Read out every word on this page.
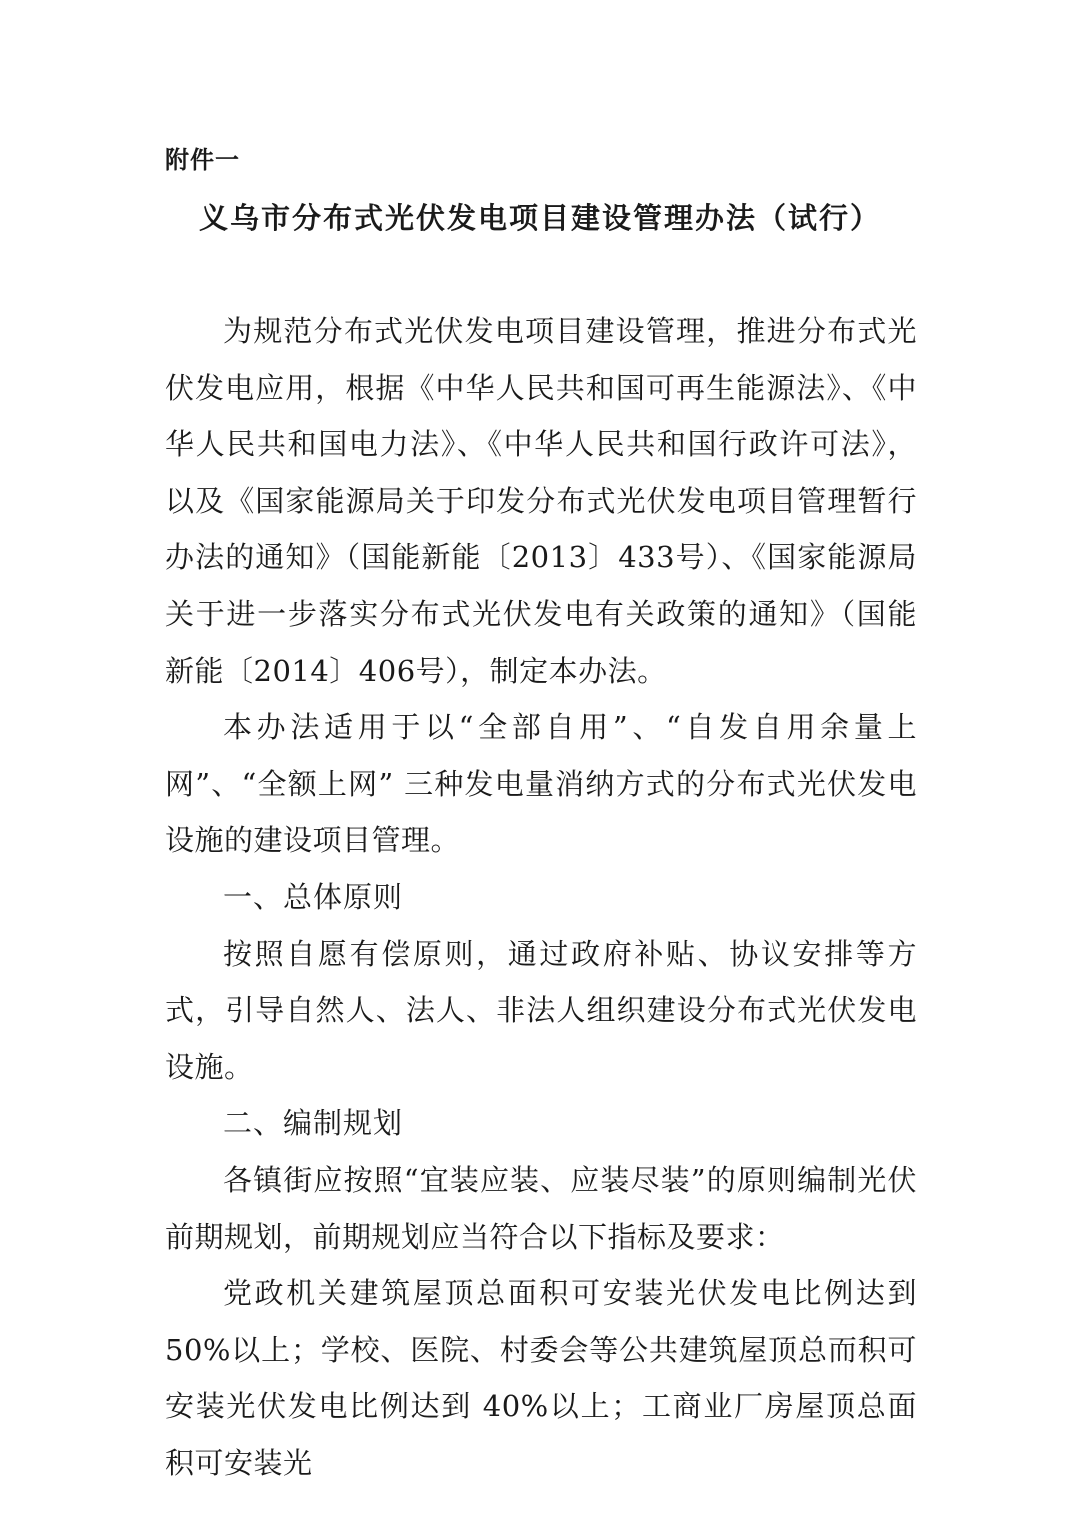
附件一
义乌市分布式光伏发电项目建设管理办法（试行）

为规范分布式光伏发电项目建设管理，推进分布式光伏发电应用，根据《中华人民共和国可再生能源法》、《中华人民共和国电力法》、《中华人民共和国行政许可法》，以及《国家能源局关于印发分布式光伏发电项目管理暂行办法的通知》（国能新能〔2013〕433号）、《国家能源局关于进一步落实分布式光伏发电有关政策的通知》（国能新能〔2014〕406号），制定本办法。

本办法适用于以“全部自用”、“自发自用余量上网”、“全额上网” 三种发电量消纳方式的分布式光伏发电设施的建设项目管理。

一、总体原则

按照自愿有偿原则，通过政府补贴、协议安排等方式，引导自然人、法人、非法人组织建设分布式光伏发电设施。

二、编制规划

各镇街应按照“宜装应装、应装尽装”的原则编制光伏前期规划，前期规划应当符合以下指标及要求：

党政机关建筑屋顶总面积可安装光伏发电比例达到 50%以上；学校、医院、村委会等公共建筑屋顶总而积可安装光伏发电比例达到 40%以上；工商业厂房屋顶总面积可安装光
